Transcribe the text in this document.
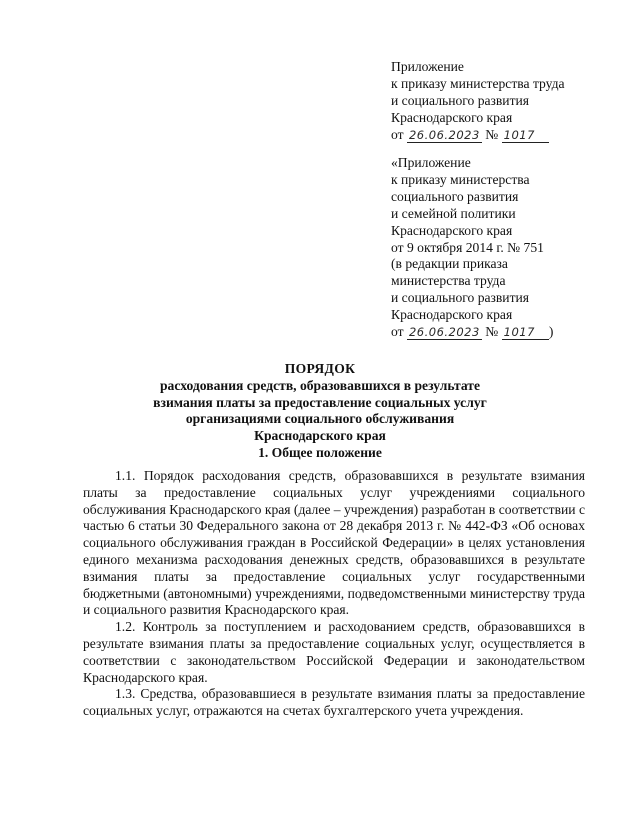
Приложение
к приказу министерства труда
и социального развития
Краснодарского края
от 26.06.2023 № 1017
«Приложение
к приказу министерства
социального развития
и семейной политики
Краснодарского края
от 9 октября 2014 г. № 751
(в редакции приказа
министерства труда
и социального развития
Краснодарского края
от 26.06.2023 № 1017 )
ПОРЯДОК
расходования средств, образовавшихся в результате
взимания платы за предоставление социальных услуг
организациями социального обслуживания
Краснодарского края
1. Общее положение

1.1. Порядок расходования средств, образовавшихся в результате взимания платы за предоставление социальных услуг учреждениями социального обслуживания Краснодарского края (далее – учреждения) разработан в соответствии с частью 6 статьи 30 Федерального закона от 28 декабря 2013 г. № 442-ФЗ «Об основах социального обслуживания граждан в Российской Федерации» в целях установления единого механизма расходования денежных средств, образовавшихся в результате взимания платы за предоставление социальных услуг государственными бюджетными (автономными) учреждениями, подведомственными министерству труда и социального развития Краснодарского края.

1.2. Контроль за поступлением и расходованием средств, образовавшихся в результате взимания платы за предоставление социальных услуг, осуществляется в соответствии с законодательством Российской Федерации и законодательством Краснодарского края.

1.3. Средства, образовавшиеся в результате взимания платы за предоставление социальных услуг, отражаются на счетах бухгалтерского учета учреждения.
